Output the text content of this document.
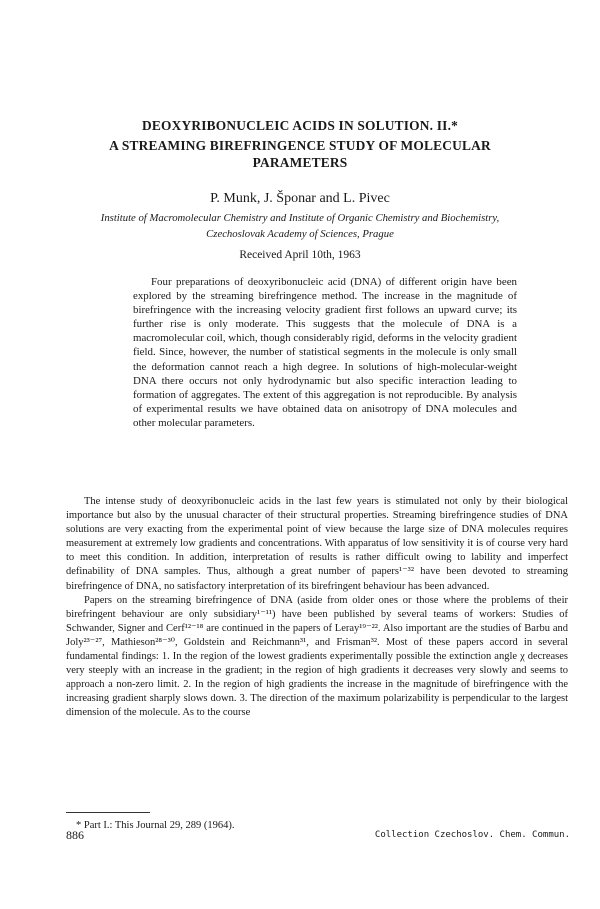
DEOXYRIBONUCLEIC ACIDS IN SOLUTION. II.*
A STREAMING BIREFRINGENCE STUDY OF MOLECULAR
PARAMETERS
P. Munk, J. Šponar and L. Pivec
Institute of Macromolecular Chemistry and Institute of Organic Chemistry and Biochemistry,
Czechoslovak Academy of Sciences, Prague
Received April 10th, 1963

Four preparations of deoxyribonucleic acid (DNA) of different origin have been explored by the streaming birefringence method. The increase in the magnitude of birefringence with the increasing velocity gradient first follows an upward curve; its further rise is only moderate. This suggests that the molecule of DNA is a macromolecular coil, which, though considerably rigid, deforms in the velocity gradient field. Since, however, the number of statistical segments in the molecule is only small the deformation cannot reach a high degree. In solutions of high-molecular-weight DNA there occurs not only hydrodynamic but also specific interaction leading to formation of aggregates. The extent of this aggregation is not reproducible. By analysis of experimental results we have obtained data on anisotropy of DNA molecules and other molecular parameters.

The intense study of deoxyribonucleic acids in the last few years is stimulated not only by their biological importance but also by the unusual character of their structural properties. Streaming birefringence studies of DNA solutions are very exacting from the experimental point of view because the large size of DNA molecules requires measurement at extremely low gradients and concentrations. With apparatus of low sensitivity it is of course very hard to meet this condition. In addition, interpretation of results is rather difficult owing to lability and imperfect definability of DNA samples. Thus, although a great number of papers¹⁻³² have been devoted to streaming birefringence of DNA, no satisfactory interpretation of its birefringent behaviour has been advanced.

Papers on the streaming birefringence of DNA (aside from older ones or those where the problems of their birefringent behaviour are only subsidiary¹⁻¹¹) have been published by several teams of workers: Studies of Schwander, Signer and Cerf¹²⁻¹⁸ are continued in the papers of Leray¹⁹⁻²². Also important are the studies of Barbu and Joly²³⁻²⁷, Mathieson²⁸⁻³⁰, Goldstein and Reichmann³¹, and Frisman³². Most of these papers accord in several fundamental findings: 1. In the region of the lowest gradients experimentally possible the extinction angle χ decreases very steeply with an increase in the gradient; in the region of high gradients it decreases very slowly and seems to approach a non-zero limit. 2. In the region of high gradients the increase in the magnitude of birefringence with the increasing gradient sharply slows down. 3. The direction of the maximum polarizability is perpendicular to the largest dimension of the molecule. As to the course

* Part I.: This Journal 29, 289 (1964).
886	Collection Czechoslov. Chem. Commun.
